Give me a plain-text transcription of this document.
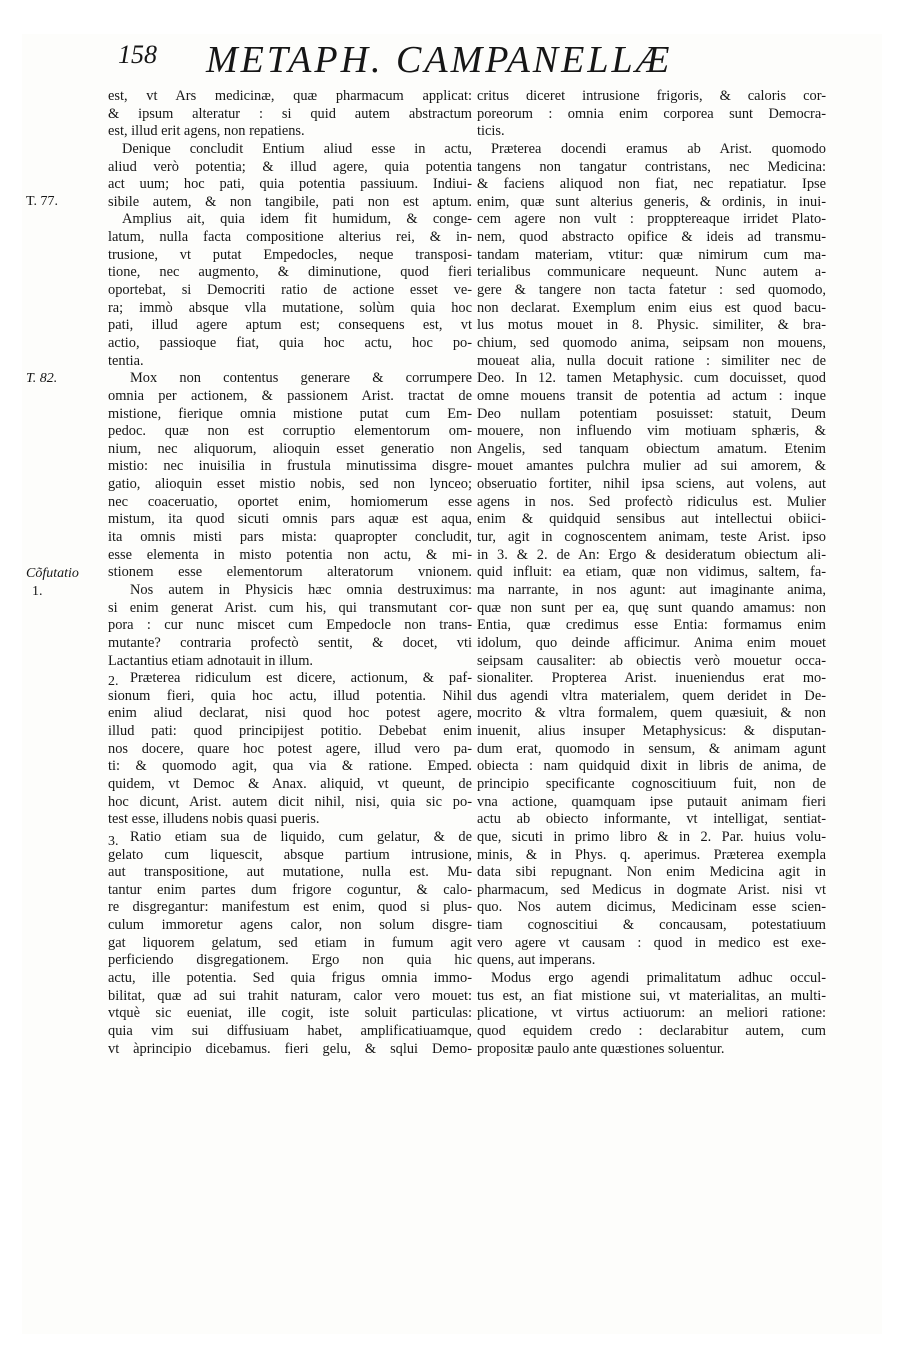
158 METAPH. CAMPANELLÆ
T. 77.
T. 82.
Cõfutatio
1.
2.
3.
est, vt Ars medicinæ, quæ pharmacum applicat:
& ipsum alteratur : si quid autem abstractum
est, illud erit agens, non repatiens.
Denique concludit Entium aliud esse in actu,
aliud verò potentia; & illud agere, quia potentia
act uum; hoc pati, quia potentia passiuum. Indiui-
sibile autem, & non tangibile, pati non est aptum.
Amplius ait, quia idem fit humidum, & conge-
latum, nulla facta compositione alterius rei, & in-
trusione, vt putat Empedocles, neque transposi-
tione, nec augmento, & diminutione, quod fieri
oportebat, si Democriti ratio de actione esset ve-
ra; immò absque vlla mutatione, solùm quia hoc
pati, illud agere aptum est; consequens est, vt
actio, passioque fiat, quia hoc actu, hoc po-
tentia.
Mox non contentus generare & corrumpere
omnia per actionem, & passionem Arist. tractat de
mistione, fierique omnia mistione putat cum Em-
pedoc. quæ non est corruptio elementorum om-
nium, nec aliquorum, alioquin esset generatio non
mistio: nec inuisilia in frustula minutissima disgre-
gatio, alioquin esset mistio nobis, sed non lynceo;
nec coaceruatio, oportet enim, homiomerum esse
mistum, ita quod sicuti omnis pars aquæ est aqua,
ita omnis misti pars mista: quapropter concludit,
esse elementa in misto potentia non actu, & mi-
stionem esse elementorum alteratorum vnionem.
Nos autem in Physicis hæc omnia destruximus:
si enim generat Arist. cum his, qui transmutant cor-
pora : cur nunc miscet cum Empedocle non trans-
mutante? contraria profectò sentit, & docet, vti
Lactantius etiam adnotauit in illum.
Præterea ridiculum est dicere, actionum, & paf-
sionum fieri, quia hoc actu, illud potentia. Nihil
enim aliud declarat, nisi quod hoc potest agere,
illud pati: quod principijest potitio. Debebat enim
nos docere, quare hoc potest agere, illud vero pa-
ti: & quomodo agit, qua via & ratione. Emped.
quidem, vt Democ & Anax. aliquid, vt queunt, de
hoc dicunt, Arist. autem dicit nihil, nisi, quia sic po-
test esse, illudens nobis quasi pueris.
Ratio etiam sua de liquido, cum gelatur, & de
gelato cum liquescit, absque partium intrusione,
aut transpositione, aut mutatione, nulla est. Mu-
tantur enim partes dum frigore coguntur, & calo-
re disgregantur: manifestum est enim, quod si plus-
culum immoretur agens calor, non solum disgre-
gat liquorem gelatum, sed etiam in fumum agit
perficiendo disgregationem. Ergo non quia hic
actu, ille potentia. Sed quia frigus omnia immo-
bilitat, quæ ad sui trahit naturam, calor vero mouet:
vtquè sic eueniat, ille cogit, iste soluit particulas:
quia vim sui diffusiuam habet, amplificatiuamque,
vt àprincipio dicebamus. fieri gelu, & sqlui Demo-
critus diceret intrusione frigoris, & caloris cor-
poreorum : omnia enim corporea sunt Democra-
ticis.
Præterea docendi eramus ab Arist. quomodo
tangens non tangatur contristans, nec Medicina:
& faciens aliquod non fiat, nec repatiatur. Ipse
enim, quæ sunt alterius generis, & ordinis, in inui-
cem agere non vult : propptereaque irridet Plato-
nem, quod abstracto opifice & ideis ad transmu-
tandam materiam, vtitur: quæ nimirum cum ma-
terialibus communicare nequeunt. Nunc autem a-
gere & tangere non tacta fatetur : sed quomodo,
non declarat. Exemplum enim eius est quod bacu-
lus motus mouet in 8. Physic. similiter, & bra-
chium, sed quomodo anima, seipsam non mouens,
moueat alia, nulla docuit ratione : similiter nec de
Deo. In 12. tamen Metaphysic. cum docuisset, quod
omne mouens transit de potentia ad actum : inque
Deo nullam potentiam posuisset: statuit, Deum
mouere, non influendo vim motiuam sphæris, &
Angelis, sed tanquam obiectum amatum. Etenim
mouet amantes pulchra mulier ad sui amorem, &
obseruatio fortiter, nihil ipsa sciens, aut volens, aut
agens in nos. Sed profectò ridiculus est. Mulier
enim & quidquid sensibus aut intellectui obiici-
tur, agit in cognoscentem animam, teste Arist. ipso
in 3. & 2. de An: Ergo & desideratum obiectum ali-
quid influit: ea etiam, quæ non vidimus, saltem, fa-
ma narrante, in nos agunt: aut imaginante anima,
quæ non sunt per ea, quę sunt quando amamus: non
Entia, quæ credimus esse Entia: formamus enim
idolum, quo deinde afficimur. Anima enim mouet
seipsam causaliter: ab obiectis verò mouetur occa-
sionaliter. Propterea Arist. inueniendus erat mo-
dus agendi vltra materialem, quem deridet in De-
mocrito & vltra formalem, quem quæsiuit, & non
inuenit, alius insuper Metaphysicus: & disputan-
dum erat, quomodo in sensum, & animam agunt
obiecta : nam quidquid dixit in libris de anima, de
principio specificante cognoscitiuum fuit, non de
vna actione, quamquam ipse putauit animam fieri
actu ab obiecto informante, vt intelligat, sentiat-
que, sicuti in primo libro & in 2. Par. huius volu-
minis, & in Phys. q. aperimus. Præterea exempla
data sibi repugnant. Non enim Medicina agit in
pharmacum, sed Medicus in dogmate Arist. nisi vt
quo. Nos autem dicimus, Medicinam esse scien-
tiam cognoscitiui & concausam, potestatiuum
vero agere vt causam : quod in medico est exe-
quens, aut imperans.
Modus ergo agendi primalitatum adhuc occul-
tus est, an fiat mistione sui, vt materialitas, an multi-
plicatione, vt virtus actiuorum: an meliori ratione:
quod equidem credo : declarabitur autem, cum
propositæ paulo ante quæstiones soluentur.
